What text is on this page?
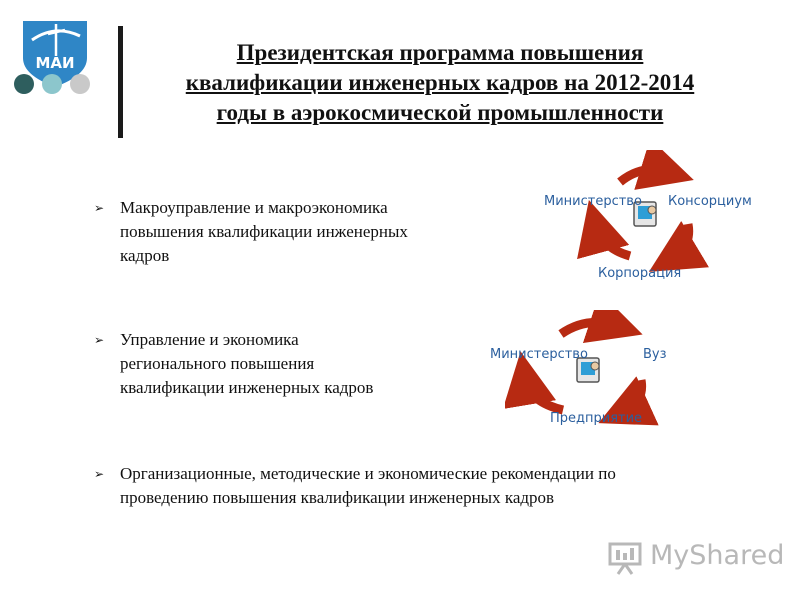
МАИ	Президентская программа повышения
квалификации инженерных кадров на 2012-2014
годы в аэрокосмической промышленности
➢ Макроуправление и макроэкономика
повышения квалификации инженерных
кадров
➢ Управление и экономика
регионального повышения
квалификации инженерных кадров
➢ Организационные, методические и экономические рекомендации по
проведению повышения квалификации инженерных кадров
Министерство Консорциум
Корпорация
Министерство	Вуз
Предприятие
MyShared
